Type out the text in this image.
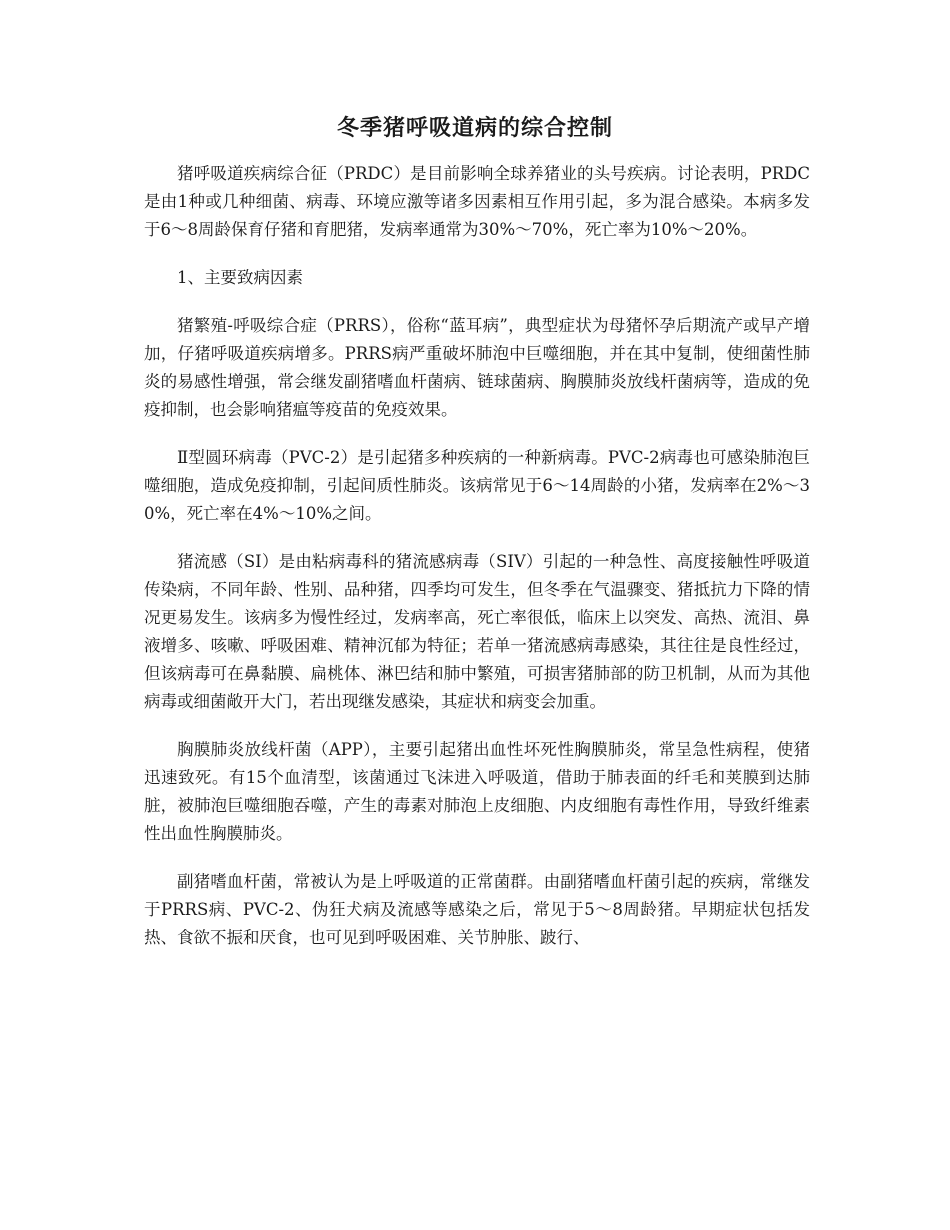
冬季猪呼吸道病的综合控制

猪呼吸道疾病综合征（PRDC）是目前影响全球养猪业的头号疾病。讨论表明，PRDC是由1种或几种细菌、病毒、环境应激等诸多因素相互作用引起，多为混合感染。本病多发于6～8周龄保育仔猪和育肥猪，发病率通常为30%～70%，死亡率为10%～20%。

1、主要致病因素

猪繁殖-呼吸综合症（PRRS），俗称“蓝耳病”，典型症状为母猪怀孕后期流产或早产增加，仔猪呼吸道疾病增多。PRRS病严重破坏肺泡中巨噬细胞，并在其中复制，使细菌性肺炎的易感性增强，常会继发副猪嗜血杆菌病、链球菌病、胸膜肺炎放线杆菌病等，造成的免疫抑制，也会影响猪瘟等疫苗的免疫效果。

Ⅱ型圆环病毒（PVC-2）是引起猪多种疾病的一种新病毒。PVC-2病毒也可感染肺泡巨噬细胞，造成免疫抑制，引起间质性肺炎。该病常见于6～14周龄的小猪，发病率在2%～30%，死亡率在4%～10%之间。

猪流感（SI）是由粘病毒科的猪流感病毒（SIV）引起的一种急性、高度接触性呼吸道传染病，不同年龄、性别、品种猪，四季均可发生，但冬季在气温骤变、猪抵抗力下降的情况更易发生。该病多为慢性经过，发病率高，死亡率很低，临床上以突发、高热、流泪、鼻液增多、咳嗽、呼吸困难、精神沉郁为特征；若单一猪流感病毒感染，其往往是良性经过，但该病毒可在鼻黏膜、扁桃体、淋巴结和肺中繁殖，可损害猪肺部的防卫机制，从而为其他病毒或细菌敞开大门，若出现继发感染，其症状和病变会加重。

胸膜肺炎放线杆菌（APP），主要引起猪出血性坏死性胸膜肺炎，常呈急性病程，使猪迅速致死。有15个血清型，该菌通过飞沫进入呼吸道，借助于肺表面的纤毛和荚膜到达肺脏，被肺泡巨噬细胞吞噬，产生的毒素对肺泡上皮细胞、内皮细胞有毒性作用，导致纤维素性出血性胸膜肺炎。

副猪嗜血杆菌，常被认为是上呼吸道的正常菌群。由副猪嗜血杆菌引起的疾病，常继发于PRRS病、PVC-2、伪狂犬病及流感等感染之后，常见于5～8周龄猪。早期症状包括发热、食欲不振和厌食，也可见到呼吸困难、关节肿胀、跛行、
